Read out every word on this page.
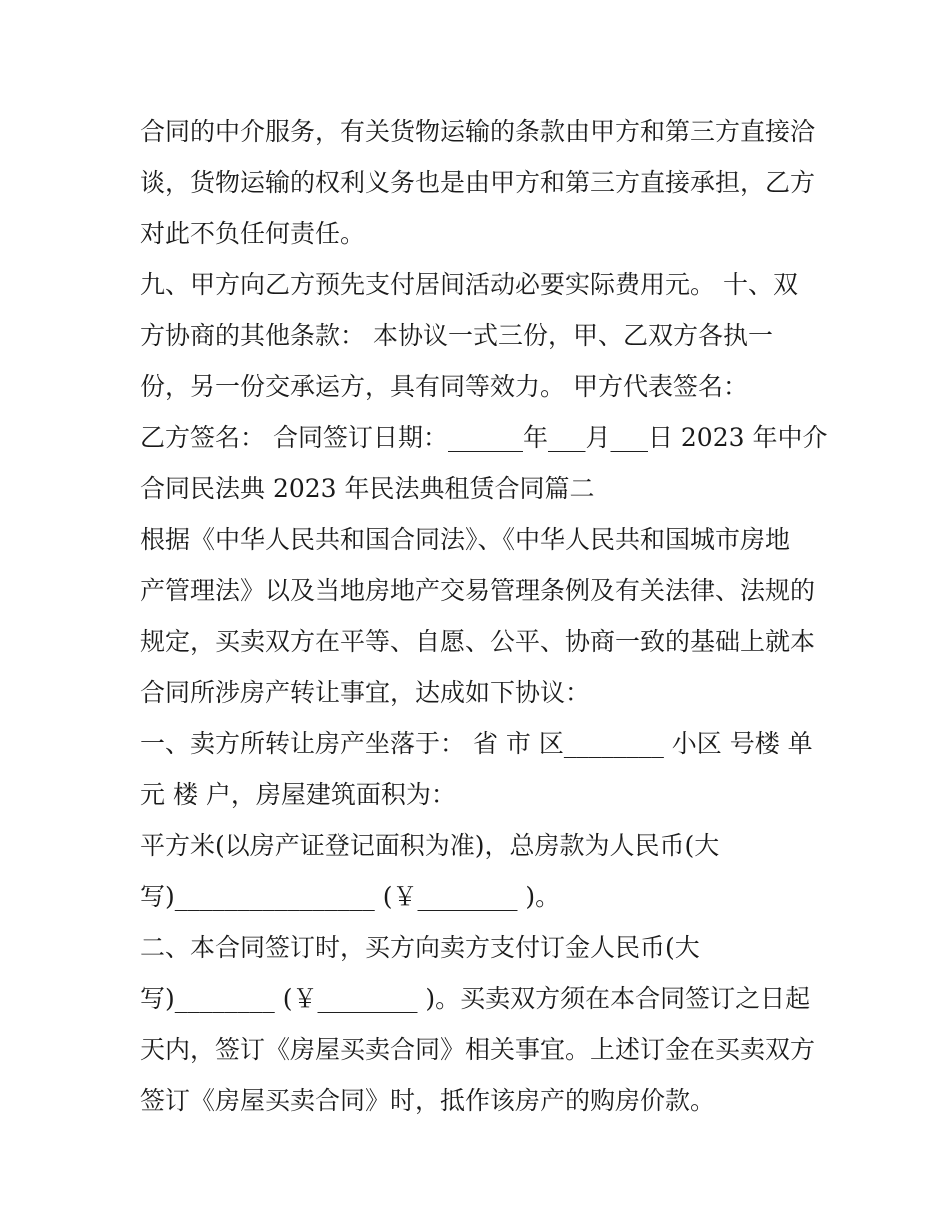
合同的中介服务，有关货物运输的条款由甲方和第三方直接洽
谈，货物运输的权利义务也是由甲方和第三方直接承担，乙方
对此不负任何责任。
九、甲方向乙方预先支付居间活动必要实际费用元。 十、双
方协商的其他条款： 本协议一式三份，甲、乙双方各执一
份，另一份交承运方，具有同等效力。 甲方代表签名：
乙方签名： 合同签订日期：______年___月___日 2023 年中介
合同民法典 2023 年民法典租赁合同篇二
根据《中华人民共和国合同法》、《中华人民共和国城市房地
产管理法》以及当地房地产交易管理条例及有关法律、法规的
规定，买卖双方在平等、自愿、公平、协商一致的基础上就本
合同所涉房产转让事宜，达成如下协议：
一、卖方所转让房产坐落于： 省 市 区________ 小区 号楼 单
元 楼 户，房屋建筑面积为：
平方米(以房产证登记面积为准)，总房款为人民币(大
写)________________ (￥________ )。
二、本合同签订时，买方向卖方支付订金人民币(大
写)________ (￥________ )。买卖双方须在本合同签订之日起
天内，签订《房屋买卖合同》相关事宜。上述订金在买卖双方
签订《房屋买卖合同》时，抵作该房产的购房价款。
